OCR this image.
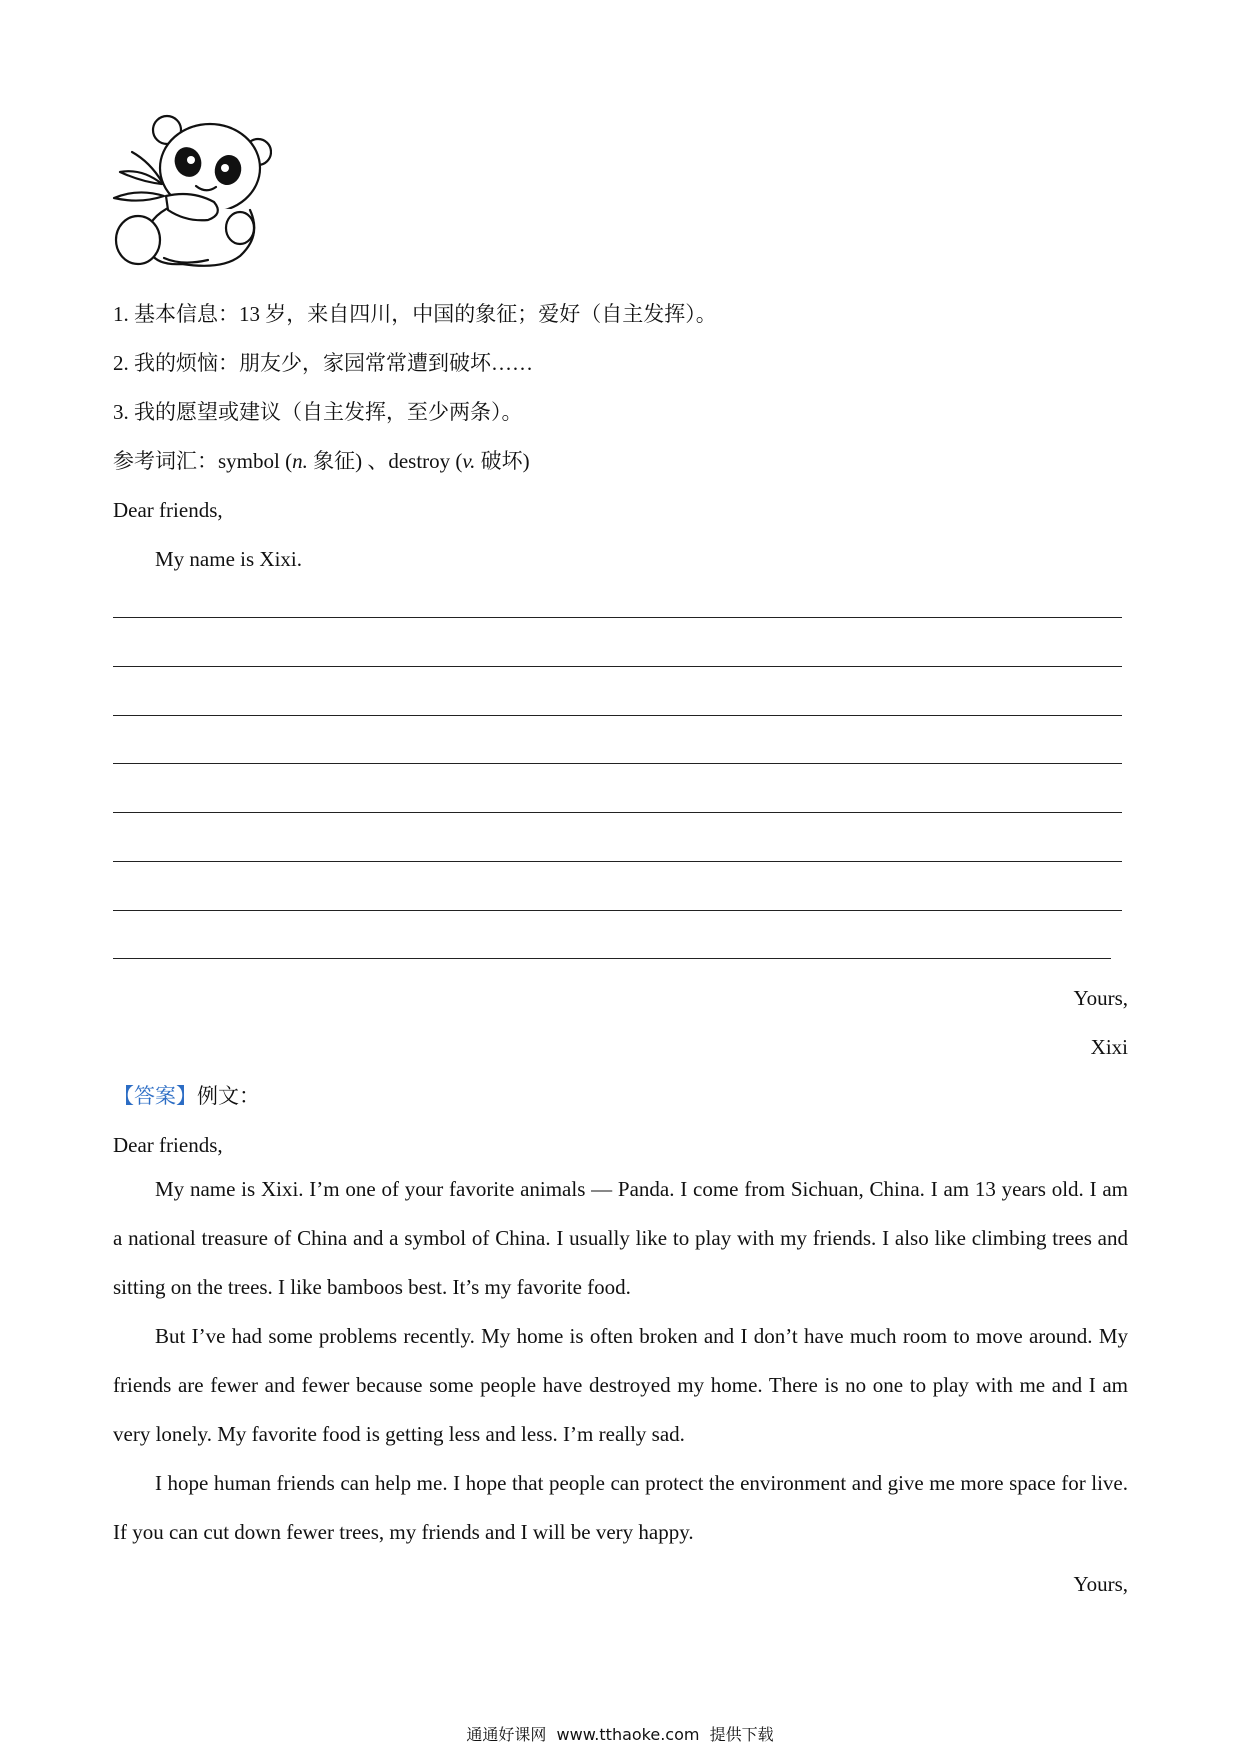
1. 基本信息：13 岁，来自四川，中国的象征；爱好（自主发挥）。
2. 我的烦恼：朋友少，家园常常遭到破坏……
3. 我的愿望或建议（自主发挥，至少两条）。
参考词汇：symbol (n. 象征) 、destroy (v. 破坏)
Dear friends,
My name is Xixi.
Yours,
Xixi
【答案】例文：
Dear friends,

My name is Xixi. I’m one of your favorite animals — Panda. I come from Sichuan, China. I am 13 years old. I am a national treasure of China and a symbol of China. I usually like to play with my friends. I also like climbing trees and sitting on the trees. I like bamboos best. It’s my favorite food.

But I’ve had some problems recently. My home is often broken and I don’t have much room to move around. My friends are fewer and fewer because some people have destroyed my home. There is no one to play with me and I am very lonely. My favorite food is getting less and less. I’m really sad.

I hope human friends can help me. I hope that people can protect the environment and give me more space for live. If you can cut down fewer trees, my friends and I will be very happy.

Yours,
通通好课网  www.tthaoke.com  提供下载
